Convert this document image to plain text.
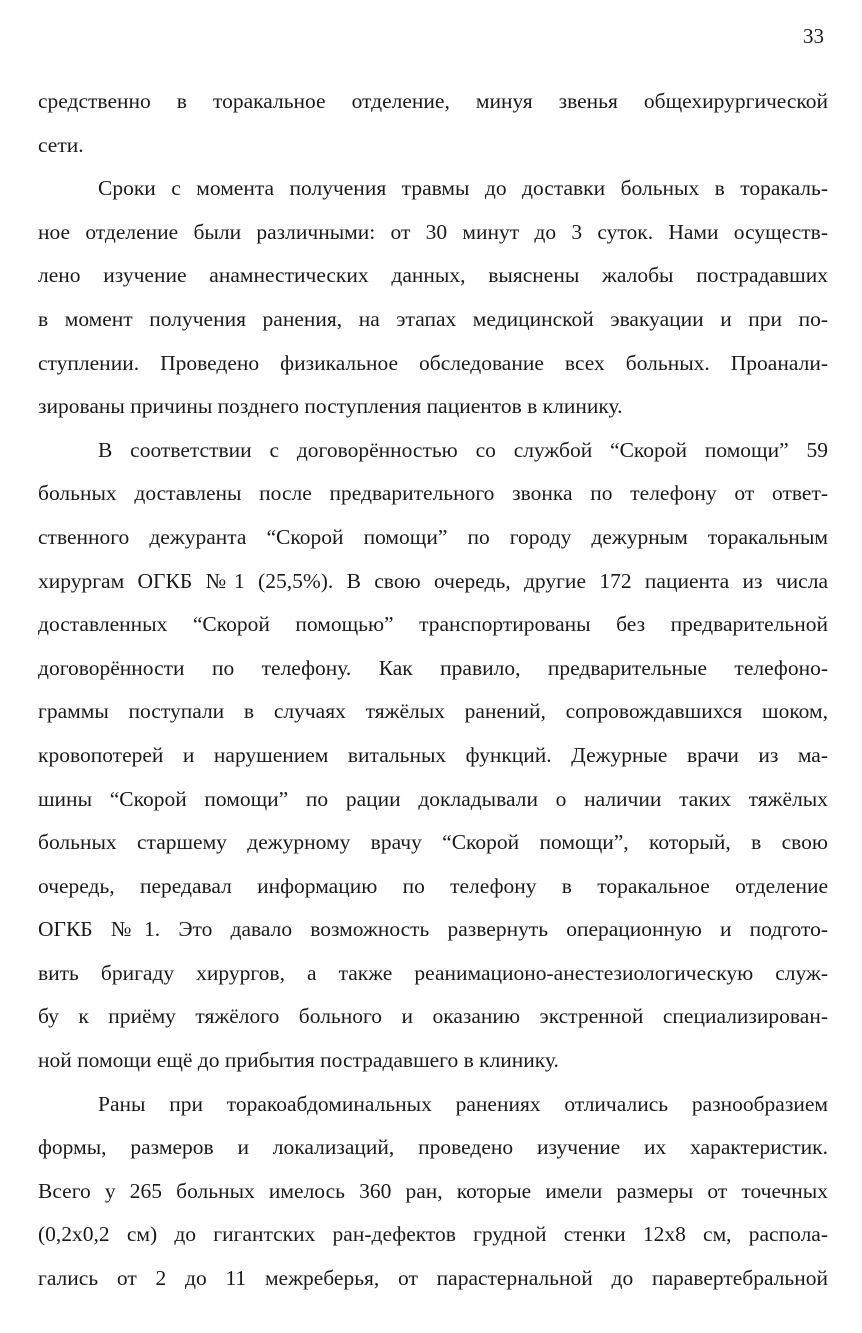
33
средственно в торакальное отделение, минуя звенья общехирургической
сети.
Сроки с момента получения травмы до доставки больных в торакаль-
ное отделение были различными: от 30 минут до 3 суток. Нами осуществ-
лено изучение анамнестических данных, выяснены жалобы пострадавших
в момент получения ранения, на этапах медицинской эвакуации и при по-
ступлении. Проведено физикальное обследование всех больных. Проанали-
зированы причины позднего поступления пациентов в клинику.
В соответствии с договорённостью со службой “Скорой помощи” 59
больных доставлены после предварительного звонка по телефону от ответ-
ственного дежуранта “Скорой помощи” по городу дежурным торакальным
хирургам ОГКБ №1 (25,5%). В свою очередь, другие 172 пациента из числа
доставленных “Скорой помощью” транспортированы без предварительной
договорённости по телефону. Как правило, предварительные телефоно-
граммы поступали в случаях тяжёлых ранений, сопровождавшихся шоком,
кровопотерей и нарушением витальных функций. Дежурные врачи из ма-
шины “Скорой помощи” по рации докладывали о наличии таких тяжёлых
больных старшему дежурному врачу “Скорой помощи”, который, в свою
очередь, передавал информацию по телефону в торакальное отделение
ОГКБ №1. Это давало возможность развернуть операционную и подгото-
вить бригаду хирургов, а также реанимационо-анестезиологическую служ-
бу к приёму тяжёлого больного и оказанию экстренной специализирован-
ной помощи ещё до прибытия пострадавшего в клинику.
Раны при торакоабдоминальных ранениях отличались разнообразием
формы, размеров и локализаций, проведено изучение их характеристик.
Всего у 265 больных имелось 360 ран, которые имели размеры от точечных
(0,2х0,2 см) до гигантских ран-дефектов грудной стенки 12х8 см, распола-
гались от 2 до 11 межреберья, от парастернальной до паравертебральной
